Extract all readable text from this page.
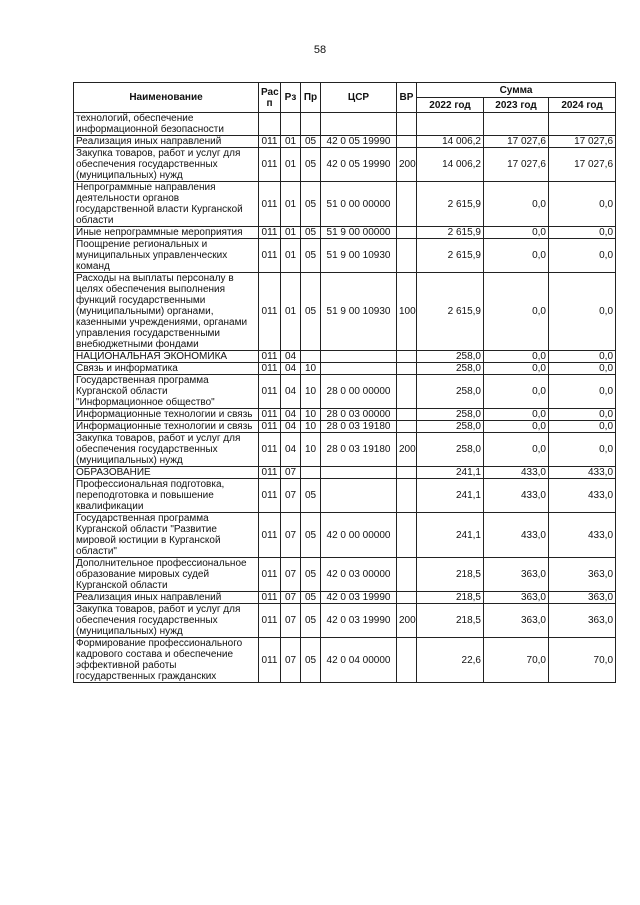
58
Наименование	Рас п	Рз	Пр	ЦСР	ВР	Сумма		
						2022 год	2023 год	2024 год
технологий, обеспечение информационной безопасности								
Реализация иных направлений	011	01	05	42 0 05 19990		14 006,2	17 027,6	17 027,6
Закупка товаров, работ и услуг для обеспечения государственных (муниципальных) нужд	011	01	05	42 0 05 19990	200	14 006,2	17 027,6	17 027,6
Непрограммные направления деятельности органов государственной власти Курганской области	011	01	05	51 0 00 00000		2 615,9	0,0	0,0
Иные непрограммные мероприятия	011	01	05	51 9 00 00000		2 615,9	0,0	0,0
Поощрение региональных и муниципальных управленческих команд	011	01	05	51 9 00 10930		2 615,9	0,0	0,0
Расходы на выплаты персоналу в целях обеспечения выполнения функций государственными (муниципальными) органами, казенными учреждениями, органами управления государственными внебюджетными фондами	011	01	05	51 9 00 10930	100	2 615,9	0,0	0,0
НАЦИОНАЛЬНАЯ ЭКОНОМИКА	011	04				258,0	0,0	0,0
Связь и информатика	011	04	10			258,0	0,0	0,0
Государственная программа Курганской области "Информационное общество"	011	04	10	28 0 00 00000		258,0	0,0	0,0
Информационные технологии и связь	011	04	10	28 0 03 00000		258,0	0,0	0,0
Информационные технологии и связь	011	04	10	28 0 03 19180		258,0	0,0	0,0
Закупка товаров, работ и услуг для обеспечения государственных (муниципальных) нужд	011	04	10	28 0 03 19180	200	258,0	0,0	0,0
ОБРАЗОВАНИЕ	011	07				241,1	433,0	433,0
Профессиональная подготовка, переподготовка и повышение квалификации	011	07	05			241,1	433,0	433,0
Государственная программа Курганской области "Развитие мировой юстиции в Курганской области"	011	07	05	42 0 00 00000		241,1	433,0	433,0
Дополнительное профессиональное образование мировых судей Курганской области	011	07	05	42 0 03 00000		218,5	363,0	363,0
Реализация иных направлений	011	07	05	42 0 03 19990		218,5	363,0	363,0
Закупка товаров, работ и услуг для обеспечения государственных (муниципальных) нужд	011	07	05	42 0 03 19990	200	218,5	363,0	363,0
Формирование профессионального кадрового состава и обеспечение эффективной работы государственных гражданских	011	07	05	42 0 04 00000		22,6	70,0	70,0
